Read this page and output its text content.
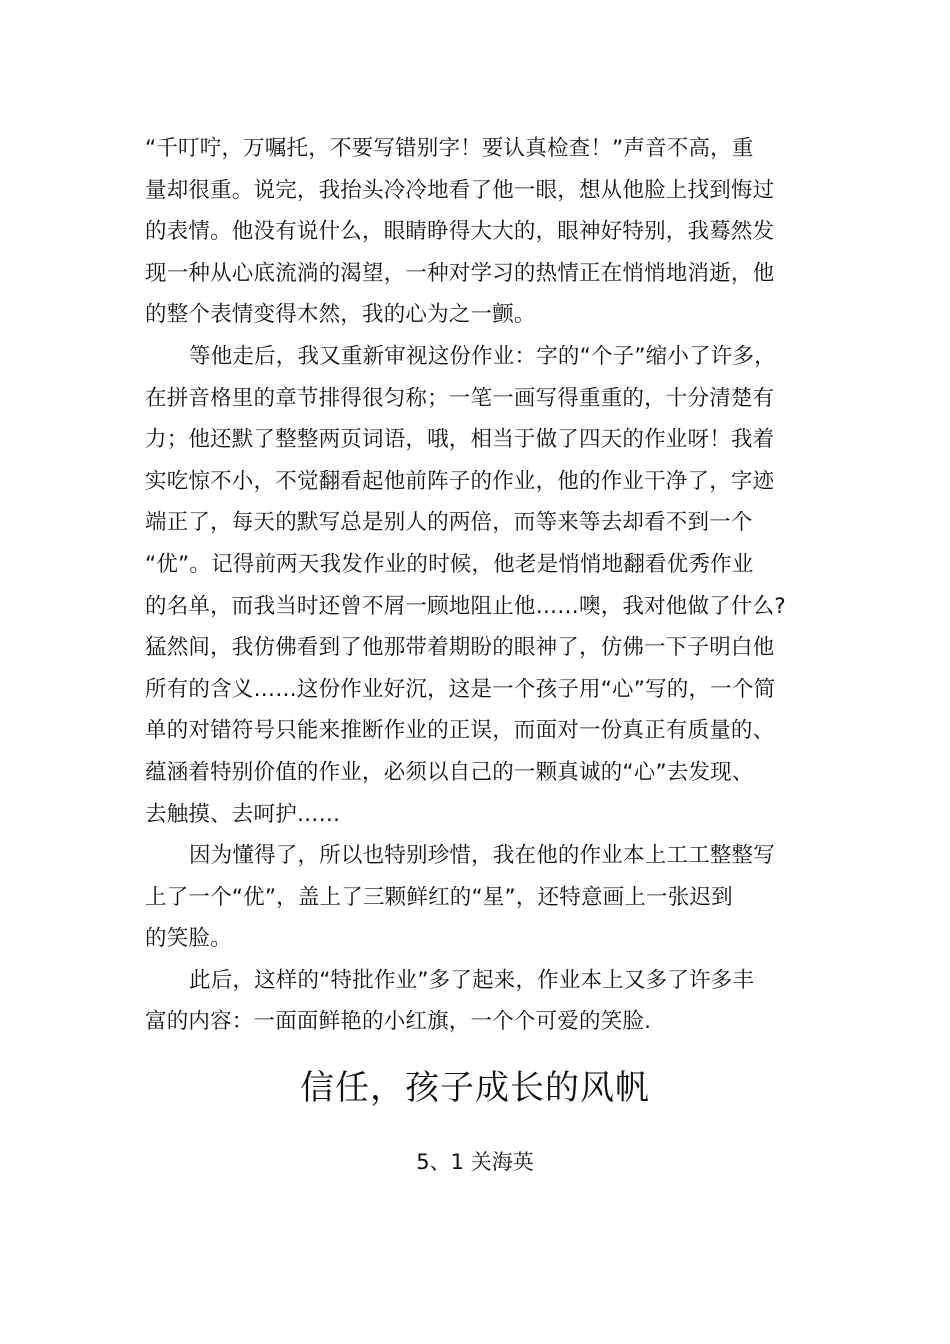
“千叮咛，万嘱托，不要写错别字！要认真检查！”声音不高，重
量却很重。说完，我抬头冷冷地看了他一眼，想从他脸上找到悔过
的表情。他没有说什么，眼睛睁得大大的，眼神好特别，我蓦然发
现一种从心底流淌的渴望，一种对学习的热情正在悄悄地消逝，他
的整个表情变得木然，我的心为之一颤。
等他走后，我又重新审视这份作业：字的“个子”缩小了许多，
在拼音格里的章节排得很匀称；一笔一画写得重重的，十分清楚有
力；他还默了整整两页词语，哦，相当于做了四天的作业呀！我着
实吃惊不小，不觉翻看起他前阵子的作业，他的作业干净了，字迹
端正了，每天的默写总是别人的两倍，而等来等去却看不到一个
“优”。记得前两天我发作业的时候，他老是悄悄地翻看优秀作业
的名单，而我当时还曾不屑一顾地阻止他……噢，我对他做了什么?
猛然间，我仿佛看到了他那带着期盼的眼神了，仿佛一下子明白他
所有的含义……这份作业好沉，这是一个孩子用“心”写的，一个简
单的对错符号只能来推断作业的正误，而面对一份真正有质量的、
蕴涵着特别价值的作业，必须以自己的一颗真诚的“心”去发现、
去触摸、去呵护……
因为懂得了，所以也特别珍惜，我在他的作业本上工工整整写
上了一个“优”，盖上了三颗鲜红的“星”，还特意画上一张迟到
的笑脸。
此后，这样的“特批作业”多了起来，作业本上又多了许多丰
富的内容：一面面鲜艳的小红旗，一个个可爱的笑脸.
信任，孩子成长的风帆
5、1 关海英
